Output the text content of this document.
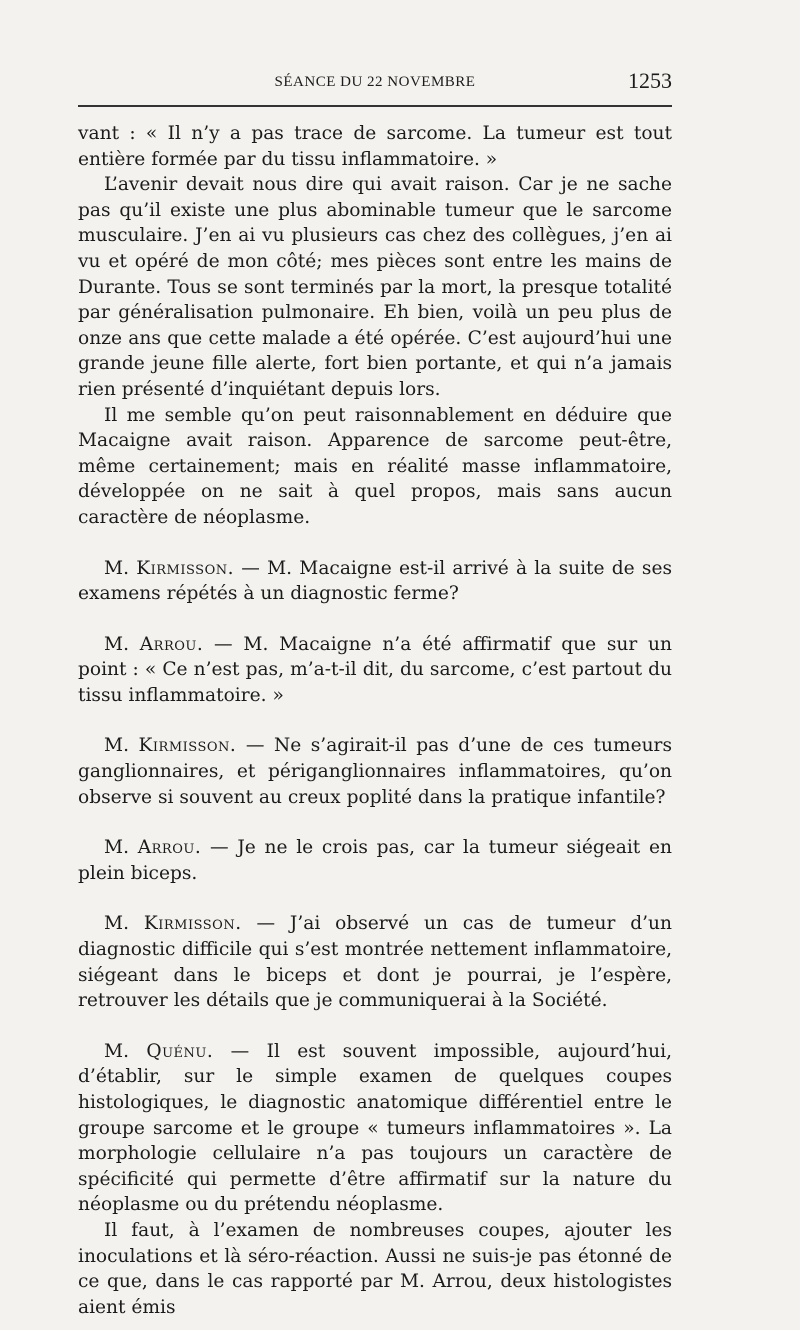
SÉANCE DU 22 NOVEMBRE	1253

vant : « Il n’y a pas trace de sarcome. La tumeur est tout entière formée par du tissu inflammatoire. »

L’avenir devait nous dire qui avait raison. Car je ne sache pas qu’il existe une plus abominable tumeur que le sarcome musculaire. J’en ai vu plusieurs cas chez des collègues, j’en ai vu et opéré de mon côté; mes pièces sont entre les mains de Durante. Tous se sont terminés par la mort, la presque totalité par généralisation pulmonaire. Eh bien, voilà un peu plus de onze ans que cette malade a été opérée. C’est aujourd’hui une grande jeune fille alerte, fort bien portante, et qui n’a jamais rien présenté d’inquiétant depuis lors.

Il me semble qu’on peut raisonnablement en déduire que Macaigne avait raison. Apparence de sarcome peut-être, même certainement; mais en réalité masse inflammatoire, développée on ne sait à quel propos, mais sans aucun caractère de néoplasme.

M. Kirmisson. — M. Macaigne est-il arrivé à la suite de ses examens répétés à un diagnostic ferme?

M. Arrou. — M. Macaigne n’a été affirmatif que sur un point : « Ce n’est pas, m’a-t-il dit, du sarcome, c’est partout du tissu inflammatoire. »

M. Kirmisson. — Ne s’agirait-il pas d’une de ces tumeurs ganglionnaires, et périganglionnaires inflammatoires, qu’on observe si souvent au creux poplité dans la pratique infantile?

M. Arrou. — Je ne le crois pas, car la tumeur siégeait en plein biceps.

M. Kirmisson. — J’ai observé un cas de tumeur d’un diagnostic difficile qui s’est montrée nettement inflammatoire, siégeant dans le biceps et dont je pourrai, je l’espère, retrouver les détails que je communiquerai à la Société.

M. Quénu. — Il est souvent impossible, aujourd’hui, d’établir, sur le simple examen de quelques coupes histologiques, le diagnostic anatomique différentiel entre le groupe sarcome et le groupe « tumeurs inflammatoires ». La morphologie cellulaire n’a pas toujours un caractère de spécificité qui permette d’être affirmatif sur la nature du néoplasme ou du prétendu néoplasme.

Il faut, à l’examen de nombreuses coupes, ajouter les inoculations et là séro-réaction. Aussi ne suis-je pas étonné de ce que, dans le cas rapporté par M. Arrou, deux histologistes aient émis
